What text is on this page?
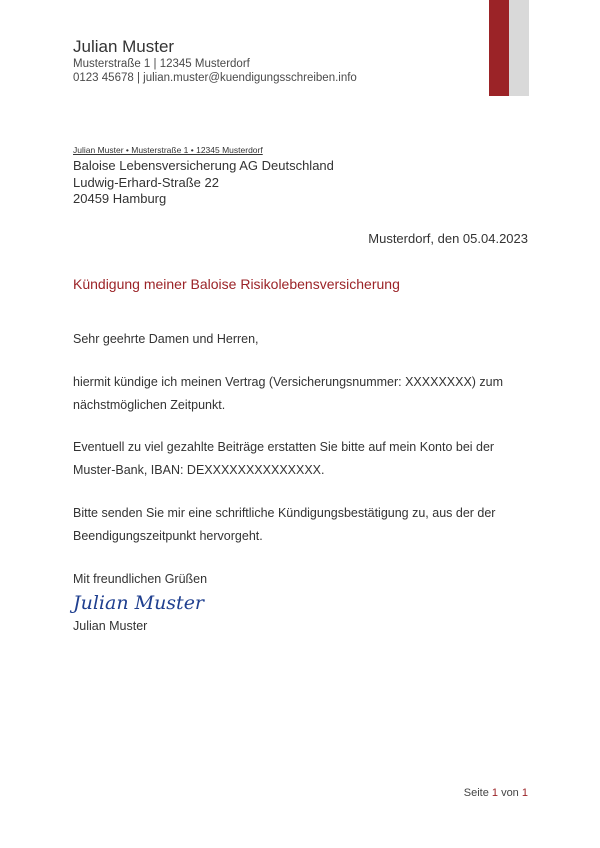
Julian Muster
Musterstraße 1 | 12345 Musterdorf
0123 45678 | julian.muster@kuendigungsschreiben.info
Julian Muster • Musterstraße 1 • 12345 Musterdorf
Baloise Lebensversicherung AG Deutschland
Ludwig-Erhard-Straße 22
20459 Hamburg
Musterdorf, den 05.04.2023
Kündigung meiner Baloise Risikolebensversicherung
Sehr geehrte Damen und Herren,
hiermit kündige ich meinen Vertrag (Versicherungsnummer: XXXXXXXX) zum nächstmöglichen Zeitpunkt.
Eventuell zu viel gezahlte Beiträge erstatten Sie bitte auf mein Konto bei der Muster-Bank, IBAN: DEXXXXXXXXXXXXXX.
Bitte senden Sie mir eine schriftliche Kündigungsbestätigung zu, aus der der Beendigungszeitpunkt hervorgeht.
Mit freundlichen Grüßen
Julian Muster
Julian Muster
Seite 1 von 1
